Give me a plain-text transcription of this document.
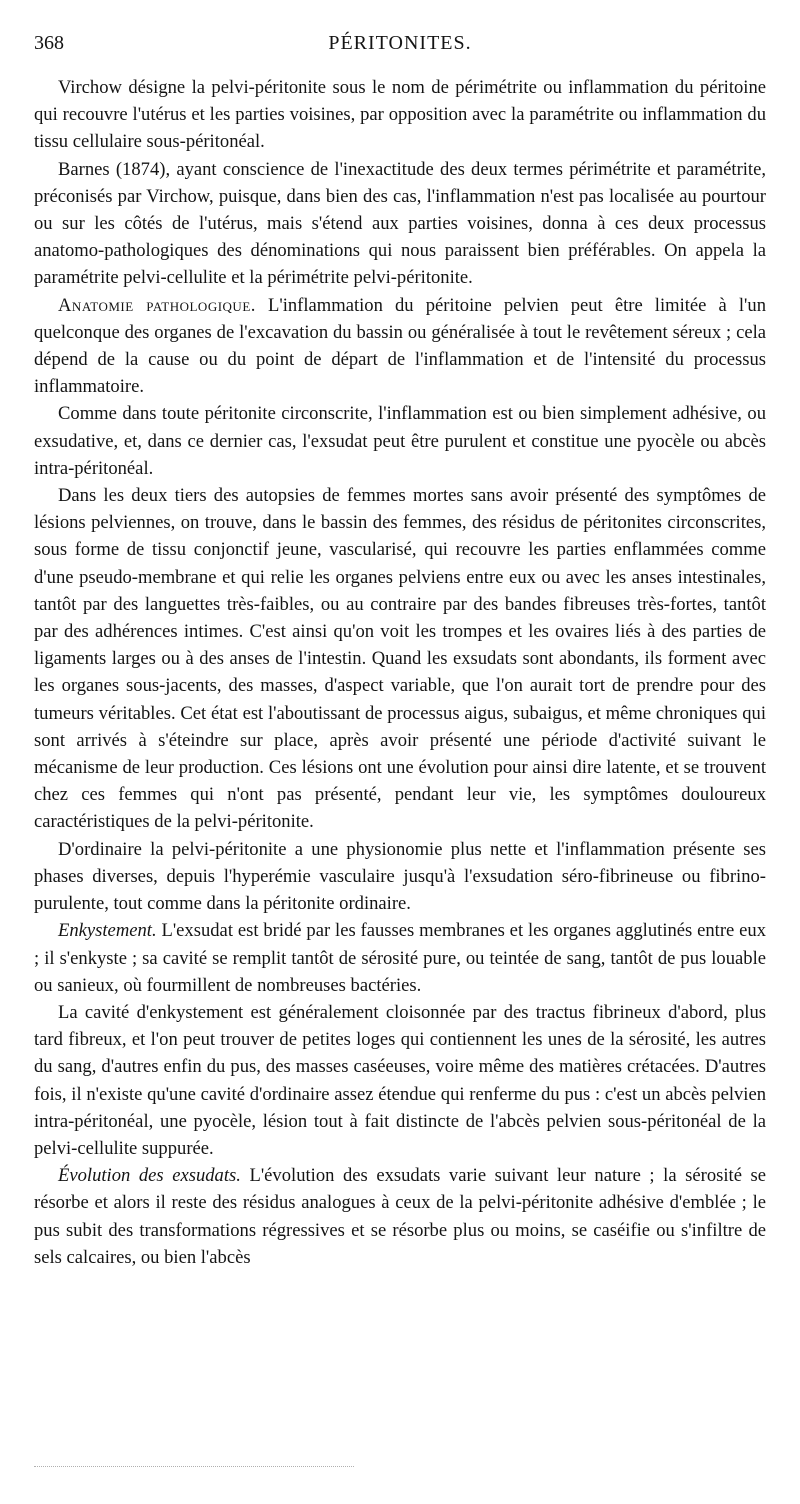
368	PÉRITONITES.

Virchow désigne la pelvi-péritonite sous le nom de périmétrite ou inflammation du péritoine qui recouvre l'utérus et les parties voisines, par opposition avec la paramétrite ou inflammation du tissu cellulaire sous-péritonéal.

Barnes (1874), ayant conscience de l'inexactitude des deux termes périmétrite et paramétrite, préconisés par Virchow, puisque, dans bien des cas, l'inflammation n'est pas localisée au pourtour ou sur les côtés de l'utérus, mais s'étend aux parties voisines, donna à ces deux processus anatomo-pathologiques des dénominations qui nous paraissent bien préférables. On appela la paramétrite pelvi-cellulite et la périmétrite pelvi-péritonite.

Anatomie pathologique. L'inflammation du péritoine pelvien peut être limitée à l'un quelconque des organes de l'excavation du bassin ou généralisée à tout le revêtement séreux ; cela dépend de la cause ou du point de départ de l'inflammation et de l'intensité du processus inflammatoire.

Comme dans toute péritonite circonscrite, l'inflammation est ou bien simplement adhésive, ou exsudative, et, dans ce dernier cas, l'exsudat peut être purulent et constitue une pyocèle ou abcès intra-péritonéal.

Dans les deux tiers des autopsies de femmes mortes sans avoir présenté des symptômes de lésions pelviennes, on trouve, dans le bassin des femmes, des résidus de péritonites circonscrites, sous forme de tissu conjonctif jeune, vascularisé, qui recouvre les parties enflammées comme d'une pseudo-membrane et qui relie les organes pelviens entre eux ou avec les anses intestinales, tantôt par des languettes très-faibles, ou au contraire par des bandes fibreuses très-fortes, tantôt par des adhérences intimes. C'est ainsi qu'on voit les trompes et les ovaires liés à des parties de ligaments larges ou à des anses de l'intestin. Quand les exsudats sont abondants, ils forment avec les organes sous-jacents, des masses, d'aspect variable, que l'on aurait tort de prendre pour des tumeurs véritables. Cet état est l'aboutissant de processus aigus, subaigus, et même chroniques qui sont arrivés à s'éteindre sur place, après avoir présenté une période d'activité suivant le mécanisme de leur production. Ces lésions ont une évolution pour ainsi dire latente, et se trouvent chez ces femmes qui n'ont pas présenté, pendant leur vie, les symptômes douloureux caractéristiques de la pelvi-péritonite.

D'ordinaire la pelvi-péritonite a une physionomie plus nette et l'inflammation présente ses phases diverses, depuis l'hyperémie vasculaire jusqu'à l'exsudation séro-fibrineuse ou fibrino-purulente, tout comme dans la péritonite ordinaire.

Enkystement. L'exsudat est bridé par les fausses membranes et les organes agglutinés entre eux ; il s'enkyste ; sa cavité se remplit tantôt de sérosité pure, ou teintée de sang, tantôt de pus louable ou sanieux, où fourmillent de nombreuses bactéries.

La cavité d'enkystement est généralement cloisonnée par des tractus fibrineux d'abord, plus tard fibreux, et l'on peut trouver de petites loges qui contiennent les unes de la sérosité, les autres du sang, d'autres enfin du pus, des masses caséeuses, voire même des matières crétacées. D'autres fois, il n'existe qu'une cavité d'ordinaire assez étendue qui renferme du pus : c'est un abcès pelvien intra-péritonéal, une pyocèle, lésion tout à fait distincte de l'abcès pelvien sous-péritonéal de la pelvi-cellulite suppurée.

Évolution des exsudats. L'évolution des exsudats varie suivant leur nature ; la sérosité se résorbe et alors il reste des résidus analogues à ceux de la pelvi-péritonite adhésive d'emblée ; le pus subit des transformations régressives et se résorbe plus ou moins, se caséifie ou s'infiltre de sels calcaires, ou bien l'abcès
